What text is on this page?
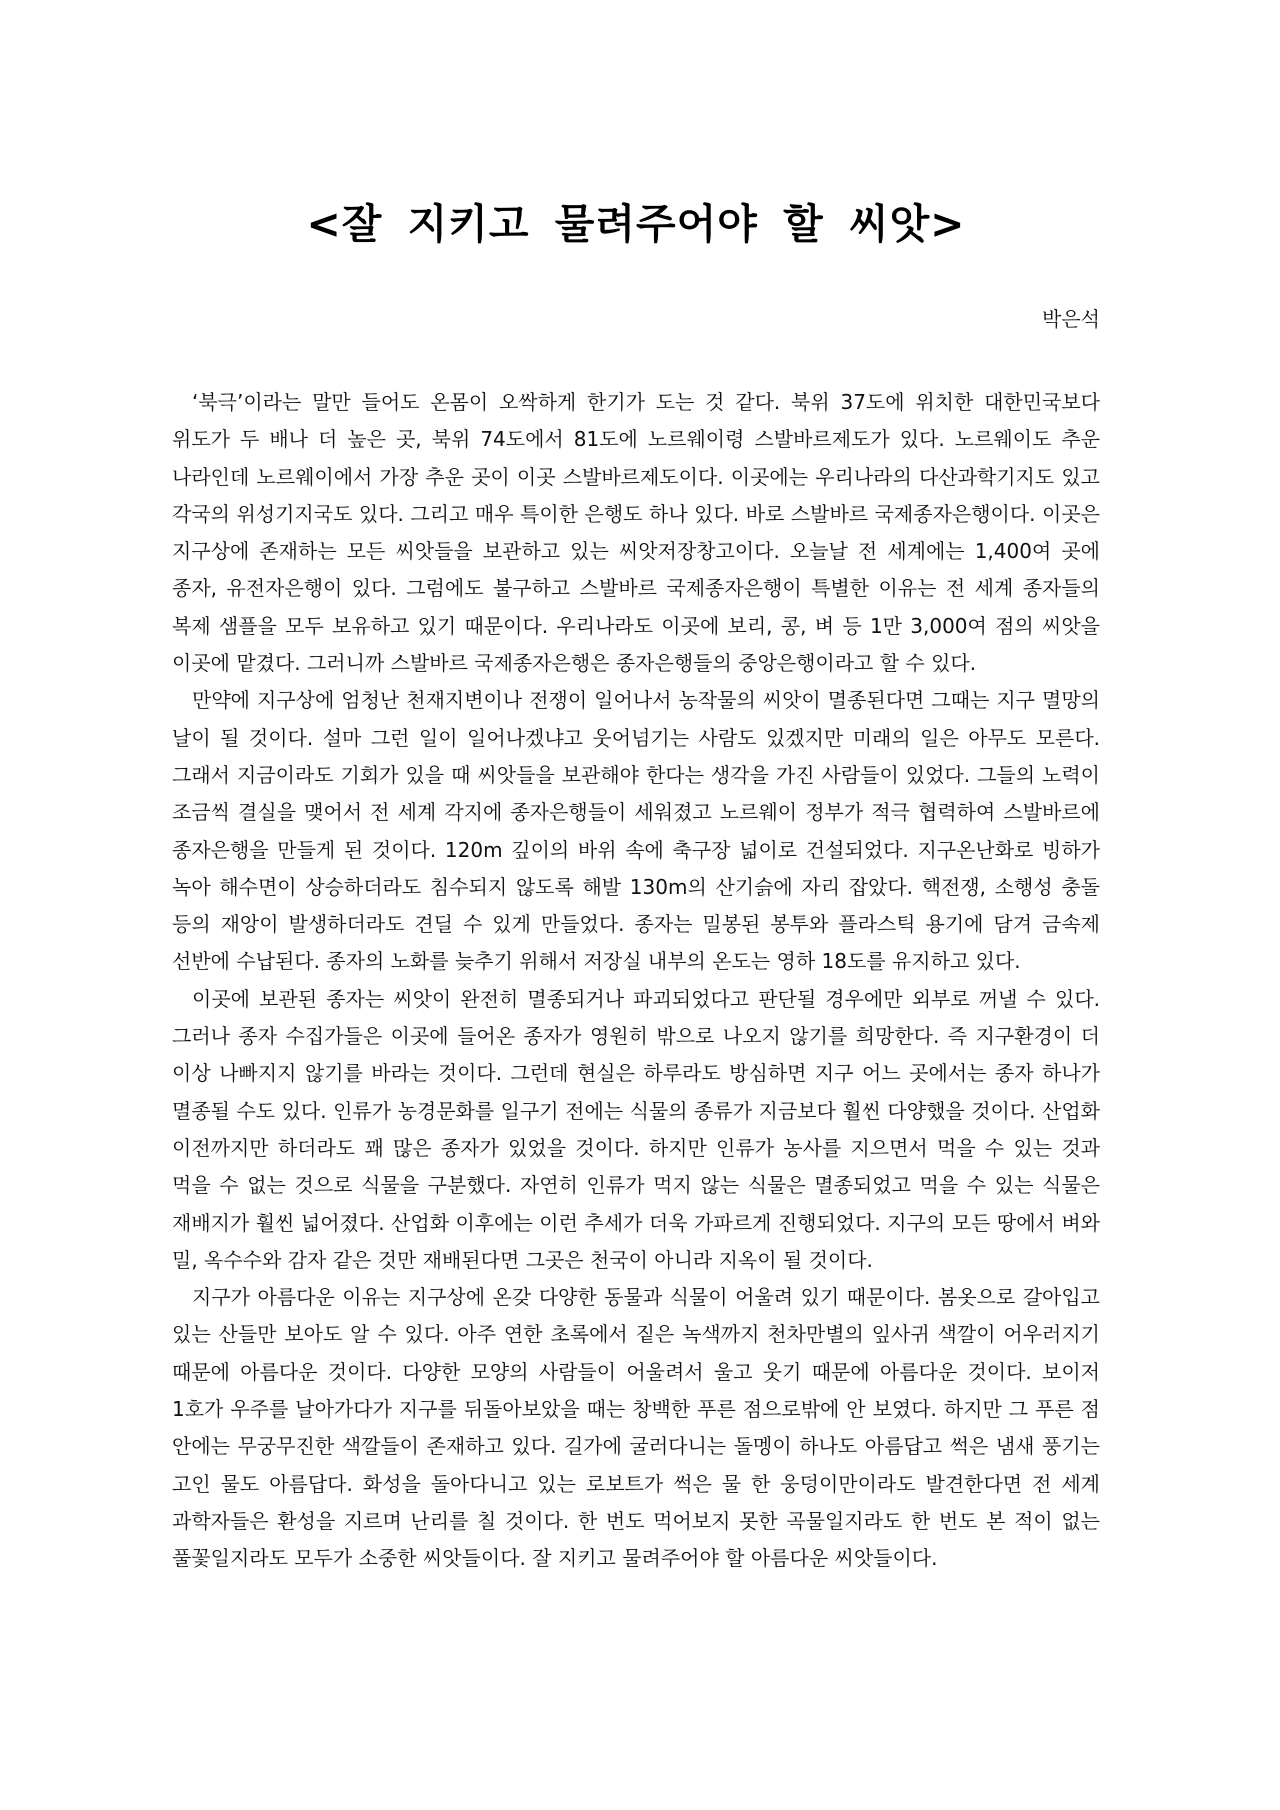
<잘 지키고 물려주어야 할 씨앗>
박은석

‘북극’이라는 말만 들어도 온몸이 오싹하게 한기가 도는 것 같다. 북위 37도에 위치한 대한민국보다 위도가 두 배나 더 높은 곳, 북위 74도에서 81도에 노르웨이령 스발바르제도가 있다. 노르웨이도 추운 나라인데 노르웨이에서 가장 추운 곳이 이곳 스발바르제도이다. 이곳에는 우리나라의 다산과학기지도 있고 각국의 위성기지국도 있다. 그리고 매우 특이한 은행도 하나 있다. 바로 스발바르 국제종자은행이다. 이곳은 지구상에 존재하는 모든 씨앗들을 보관하고 있는 씨앗저장창고이다. 오늘날 전 세계에는 1,400여 곳에 종자, 유전자은행이 있다. 그럼에도 불구하고 스발바르 국제종자은행이 특별한 이유는 전 세계 종자들의 복제 샘플을 모두 보유하고 있기 때문이다. 우리나라도 이곳에 보리, 콩, 벼 등 1만 3,000여 점의 씨앗을 이곳에 맡겼다. 그러니까 스발바르 국제종자은행은 종자은행들의 중앙은행이라고 할 수 있다.

만약에 지구상에 엄청난 천재지변이나 전쟁이 일어나서 농작물의 씨앗이 멸종된다면 그때는 지구 멸망의 날이 될 것이다. 설마 그런 일이 일어나겠냐고 웃어넘기는 사람도 있겠지만 미래의 일은 아무도 모른다. 그래서 지금이라도 기회가 있을 때 씨앗들을 보관해야 한다는 생각을 가진 사람들이 있었다. 그들의 노력이 조금씩 결실을 맺어서 전 세계 각지에 종자은행들이 세워졌고 노르웨이 정부가 적극 협력하여 스발바르에 종자은행을 만들게 된 것이다. 120m 깊이의 바위 속에 축구장 넓이로 건설되었다. 지구온난화로 빙하가 녹아 해수면이 상승하더라도 침수되지 않도록 해발 130m의 산기슭에 자리 잡았다. 핵전쟁, 소행성 충돌 등의 재앙이 발생하더라도 견딜 수 있게 만들었다. 종자는 밀봉된 봉투와 플라스틱 용기에 담겨 금속제 선반에 수납된다. 종자의 노화를 늦추기 위해서 저장실 내부의 온도는 영하 18도를 유지하고 있다.

이곳에 보관된 종자는 씨앗이 완전히 멸종되거나 파괴되었다고 판단될 경우에만 외부로 꺼낼 수 있다. 그러나 종자 수집가들은 이곳에 들어온 종자가 영원히 밖으로 나오지 않기를 희망한다. 즉 지구환경이 더 이상 나빠지지 않기를 바라는 것이다. 그런데 현실은 하루라도 방심하면 지구 어느 곳에서는 종자 하나가 멸종될 수도 있다. 인류가 농경문화를 일구기 전에는 식물의 종류가 지금보다 훨씬 다양했을 것이다. 산업화 이전까지만 하더라도 꽤 많은 종자가 있었을 것이다. 하지만 인류가 농사를 지으면서 먹을 수 있는 것과 먹을 수 없는 것으로 식물을 구분했다. 자연히 인류가 먹지 않는 식물은 멸종되었고 먹을 수 있는 식물은 재배지가 훨씬 넓어졌다. 산업화 이후에는 이런 추세가 더욱 가파르게 진행되었다. 지구의 모든 땅에서 벼와 밀, 옥수수와 감자 같은 것만 재배된다면 그곳은 천국이 아니라 지옥이 될 것이다.

지구가 아름다운 이유는 지구상에 온갖 다양한 동물과 식물이 어울려 있기 때문이다. 봄옷으로 갈아입고 있는 산들만 보아도 알 수 있다. 아주 연한 초록에서 짙은 녹색까지 천차만별의 잎사귀 색깔이 어우러지기 때문에 아름다운 것이다. 다양한 모양의 사람들이 어울려서 울고 웃기 때문에 아름다운 것이다. 보이저 1호가 우주를 날아가다가 지구를 뒤돌아보았을 때는 창백한 푸른 점으로밖에 안 보였다. 하지만 그 푸른 점 안에는 무궁무진한 색깔들이 존재하고 있다. 길가에 굴러다니는 돌멩이 하나도 아름답고 썩은 냄새 풍기는 고인 물도 아름답다. 화성을 돌아다니고 있는 로보트가 썩은 물 한 웅덩이만이라도 발견한다면 전 세계 과학자들은 환성을 지르며 난리를 칠 것이다. 한 번도 먹어보지 못한 곡물일지라도 한 번도 본 적이 없는 풀꽃일지라도 모두가 소중한 씨앗들이다. 잘 지키고 물려주어야 할 아름다운 씨앗들이다.
